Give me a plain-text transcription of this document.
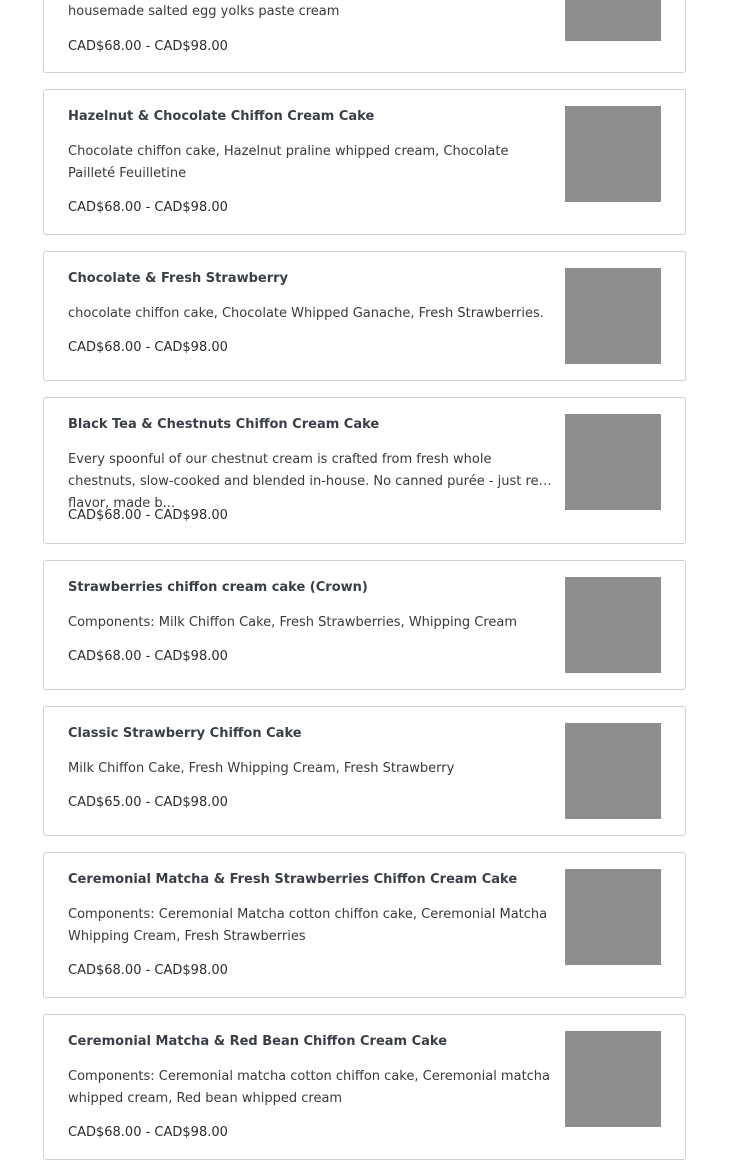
housemade salted egg yolks paste cream
CAD$68.00 - CAD$98.00
Hazelnut & Chocolate Chiffon Cream Cake
Chocolate chiffon cake, Hazelnut praline whipped cream, Chocolate Pailleté Feuilletine
CAD$68.00 - CAD$98.00
Chocolate & Fresh Strawberry
chocolate chiffon cake, Chocolate Whipped Ganache, Fresh Strawberries.
CAD$68.00 - CAD$98.00
Black Tea & Chestnuts Chiffon Cream Cake
Every spoonful of our chestnut cream is crafted from fresh whole chestnuts, slow-cooked and blended in-house. No canned purée - just real flavor, made b...
CAD$68.00 - CAD$98.00
Strawberries chiffon cream cake (Crown)
Components: Milk Chiffon Cake, Fresh Strawberries, Whipping Cream
CAD$68.00 - CAD$98.00
Classic Strawberry Chiffon Cake
Milk Chiffon Cake, Fresh Whipping Cream, Fresh Strawberry
CAD$65.00 - CAD$98.00
Ceremonial Matcha & Fresh Strawberries Chiffon Cream Cake
Components: Ceremonial Matcha cotton chiffon cake, Ceremonial Matcha Whipping Cream, Fresh Strawberries
CAD$68.00 - CAD$98.00
Ceremonial Matcha & Red Bean Chiffon Cream Cake
Components: Ceremonial matcha cotton chiffon cake, Ceremonial matcha whipped cream, Red bean whipped cream
CAD$68.00 - CAD$98.00
